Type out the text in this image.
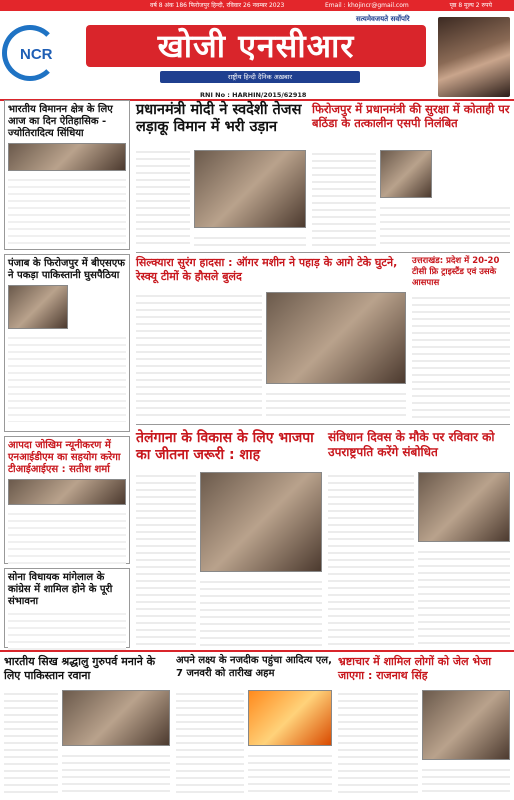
वर्ष 8 अंक 186 फिरोजपुर हिन्दी, रविवार 26 नवम्बर 2023	Email : khojincr@gmail.com	पृष्ठ 8 मूल्य 2 रुपये
NCR	खोजी एनसीआर
राष्ट्रीय हिन्दी दैनिक अख़बार
सत्यमेवजयते सर्वोपरि
RNI No : HARHIN/2015/62918
भारतीय विमानन क्षेत्र के लिए आज का दिन ऐतिहासिक - ज्योतिरादित्य सिंधिया
पंजाब के फिरोजपुर में बीएसएफ ने पकड़ा पाकिस्तानी घुसपैठिया
आपदा जोखिम न्यूनीकरण में एनआईडीएम का सहयोग करेगा टीआईआईएस : सतीश शर्मा
सोना विधायक मांगेलाल के कांग्रेस में शामिल होने के पूरी संभावना
प्रधानमंत्री मोदी ने स्वदेशी तेजस लड़ाकू विमान में भरी उड़ान
फिरोजपुर में प्रधानमंत्री की सुरक्षा में कोताही पर बठिंडा के तत्कालीन एसपी निलंबित
सिल्क्यारा सुरंग हादसा : ऑगर मशीन ने पहाड़ के आगे टेके घुटने, रेस्क्यू टीमों के हौसले बुलंद
उत्तराखंड: प्रदेश में 20-20 टीसी फ्रि ट्राइस्टैंड एवं उसके आसपास
तेलंगाना के विकास के लिए भाजपा का जीतना जरूरी : शाह
संविधान दिवस के मौके पर रविवार को उपराष्ट्रपति करेंगे संबोधित
भारतीय सिख श्रद्धालु गुरुपर्व मनाने के लिए पाकिस्तान रवाना
अपने लक्ष्य के नजदीक पहुंचा आदित्य एल, 7 जनवरी को तारीख अहम
भ्रष्टाचार में शामिल लोगों को जेल भेजा जाएगा : राजनाथ सिंह
